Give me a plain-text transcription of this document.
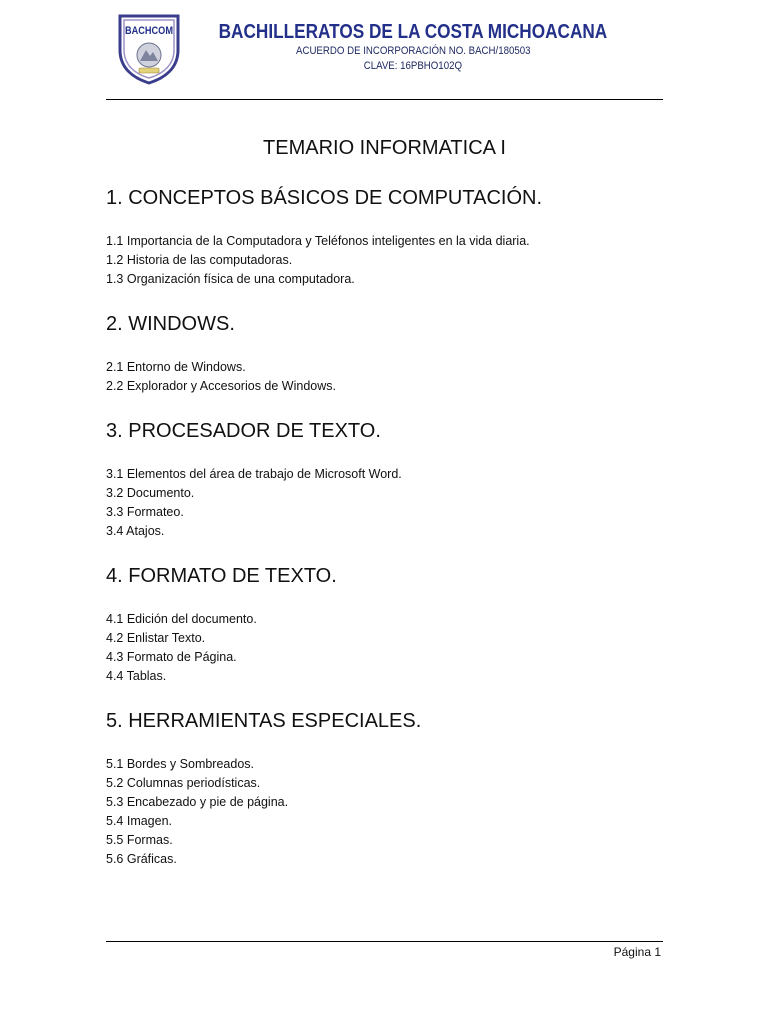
BACHCOM	BACHILLERATOS DE LA COSTA MICHOACANA
ACUERDO DE INCORPORACIÓN NO. BACH/180503
CLAVE: 16PBHO102Q
TEMARIO INFORMATICA I
1. CONCEPTOS BÁSICOS DE COMPUTACIÓN.
1.1 Importancia de la Computadora y Teléfonos inteligentes en la vida diaria.
1.2 Historia de las computadoras.
1.3 Organización física de una computadora.
2. WINDOWS.
2.1 Entorno de Windows.
2.2 Explorador y Accesorios de Windows.
3. PROCESADOR DE TEXTO.
3.1 Elementos del área de trabajo de Microsoft Word.
3.2 Documento.
3.3 Formateo.
3.4 Atajos.
4. FORMATO DE TEXTO.
4.1 Edición del documento.
4.2 Enlistar Texto.
4.3 Formato de Página.
4.4 Tablas.
5. HERRAMIENTAS ESPECIALES.
5.1 Bordes y Sombreados.
5.2 Columnas periodísticas.
5.3 Encabezado y pie de página.
5.4 Imagen.
5.5 Formas.
5.6 Gráficas.
Página 1
